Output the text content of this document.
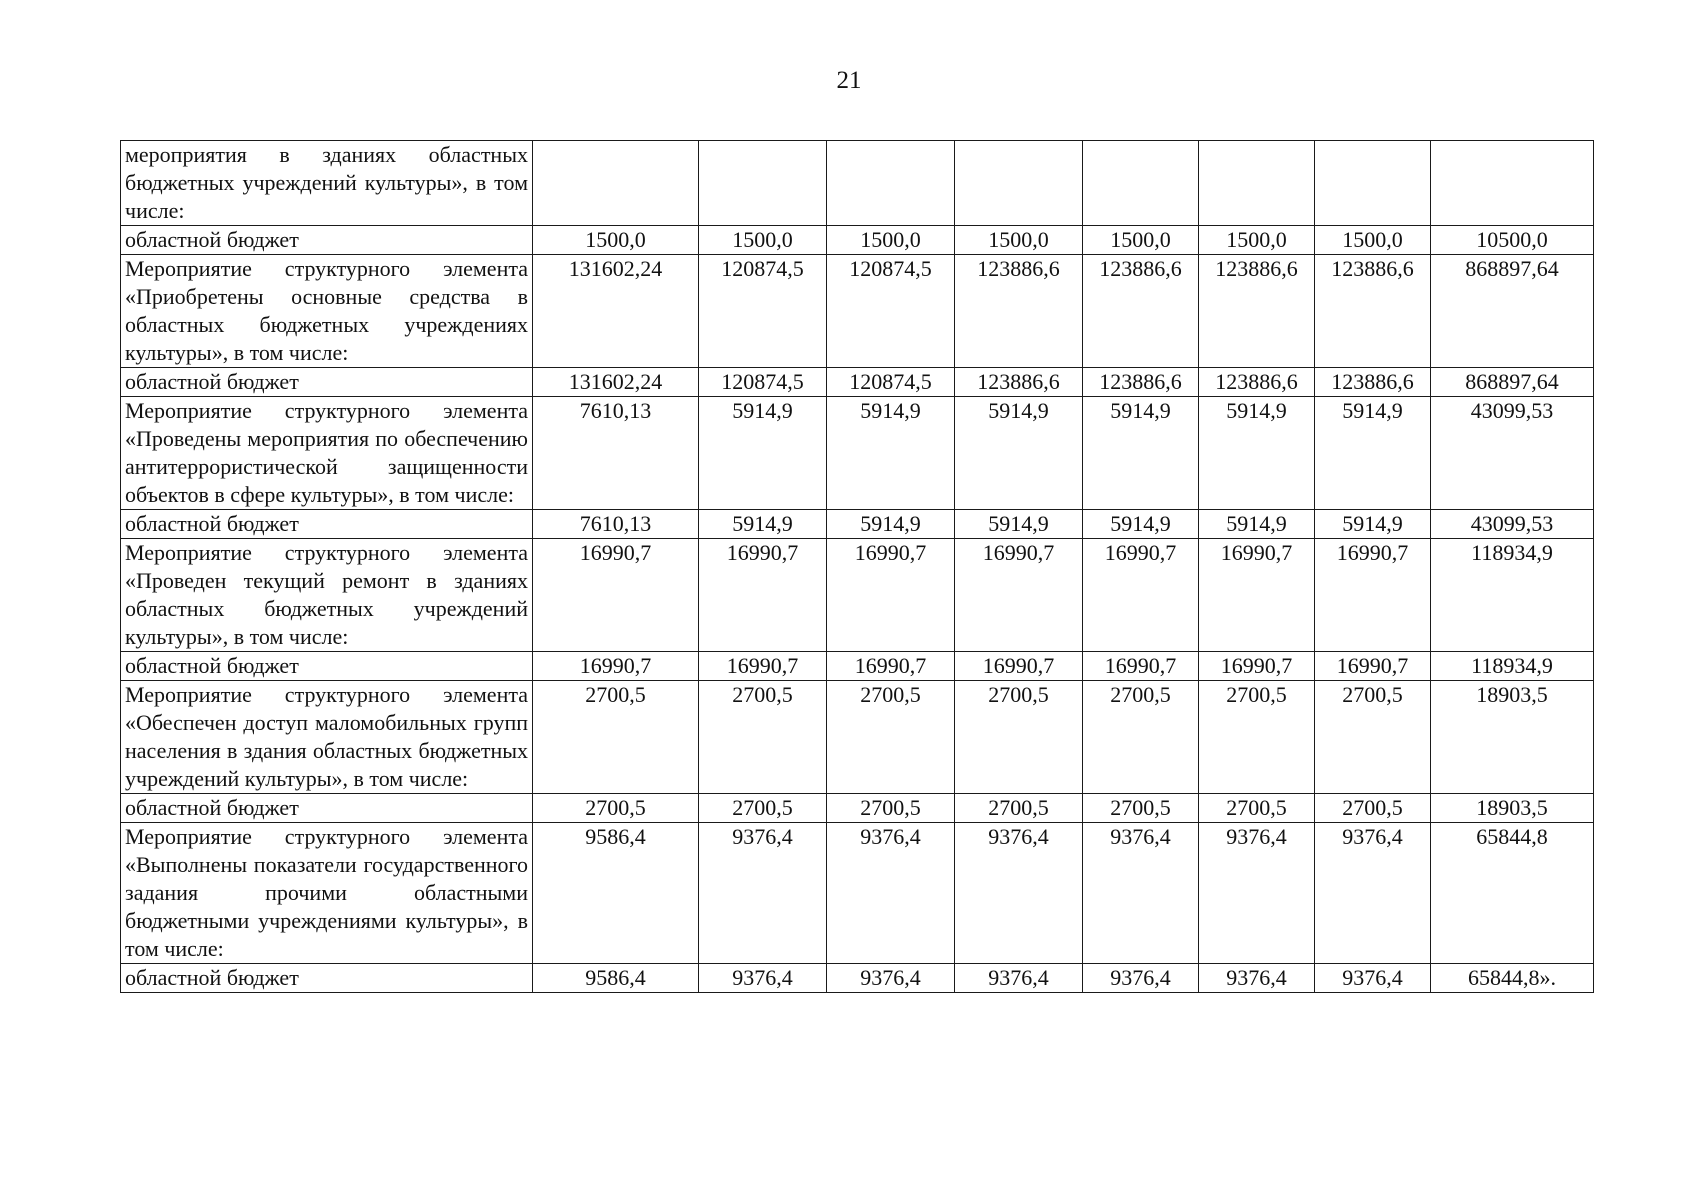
21
мероприятия в зданиях областных бюджетных учреждений культуры», в том числе:								
областной бюджет	1500,0	1500,0	1500,0	1500,0	1500,0	1500,0	1500,0	10500,0
Мероприятие структурного элемента «Приобретены основные средства в областных бюджетных учреждениях культуры», в том числе:	131602,24	120874,5	120874,5	123886,6	123886,6	123886,6	123886,6	868897,64
областной бюджет	131602,24	120874,5	120874,5	123886,6	123886,6	123886,6	123886,6	868897,64
Мероприятие структурного элемента «Проведены мероприятия по обеспечению антитеррористической защищенности объектов в сфере культуры», в том числе:	7610,13	5914,9	5914,9	5914,9	5914,9	5914,9	5914,9	43099,53
областной бюджет	7610,13	5914,9	5914,9	5914,9	5914,9	5914,9	5914,9	43099,53
Мероприятие структурного элемента «Проведен текущий ремонт в зданиях областных бюджетных учреждений культуры», в том числе:	16990,7	16990,7	16990,7	16990,7	16990,7	16990,7	16990,7	118934,9
областной бюджет	16990,7	16990,7	16990,7	16990,7	16990,7	16990,7	16990,7	118934,9
Мероприятие структурного элемента «Обеспечен доступ маломобильных групп населения в здания областных бюджетных учреждений культуры», в том числе:	2700,5	2700,5	2700,5	2700,5	2700,5	2700,5	2700,5	18903,5
областной бюджет	2700,5	2700,5	2700,5	2700,5	2700,5	2700,5	2700,5	18903,5
Мероприятие структурного элемента «Выполнены показатели государственного задания прочими областными бюджетными учреждениями культуры», в том числе:	9586,4	9376,4	9376,4	9376,4	9376,4	9376,4	9376,4	65844,8
областной бюджет	9586,4	9376,4	9376,4	9376,4	9376,4	9376,4	9376,4	65844,8».
